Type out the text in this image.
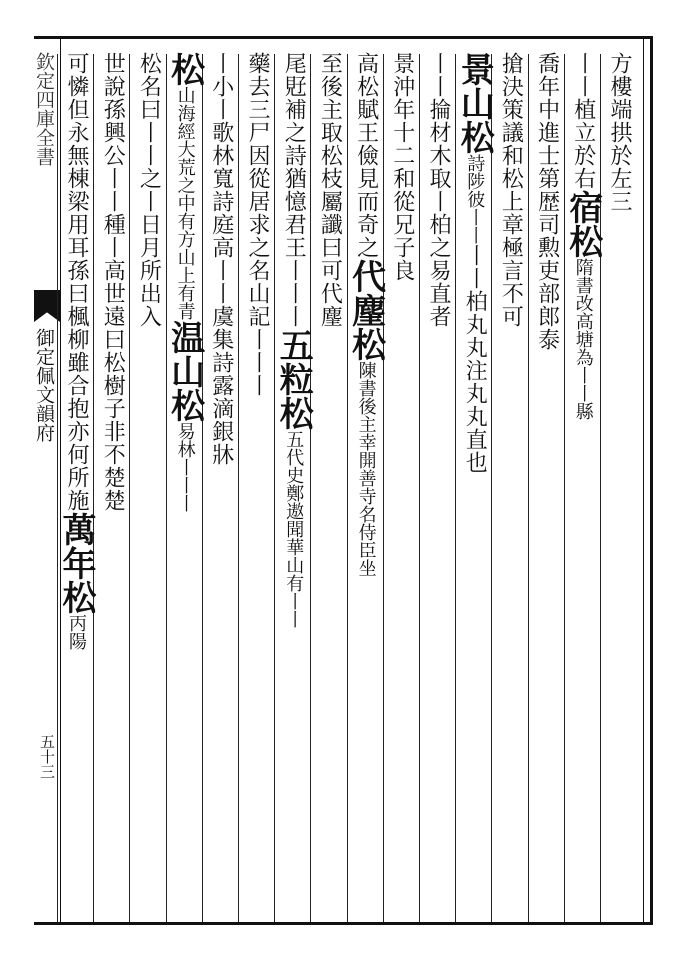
欽定四庫全書
御定佩文韻府
五十三
方樓端拱於左三
丨丨植立於右宿松隋書改高塘為丨丨縣
喬年中進士第歴司勲吏部郎泰
搶決策議和松上章極言不可
景山松詩陟彼丨丨丨丨柏丸丸注丸丸直也
丨丨掄材木取丨柏之易直者
景沖年十二和從兄子良
高松賦王儉見而奇之代麈松陳書後主幸開善寺名侍臣坐
至後主取松枝屬讖曰可代麈
尾覎補之詩猶憶君王丨丨丨五粒松五代史鄭遨聞華山有丨丨
藥去三尸因從居求之名山記丨丨丨
丨小丨歌林寬詩庭高丨丨虞集詩露滴銀牀
松山海經大荒之中有方山上有青温山松易林丨丨丨
松名曰丨丨之丨日月所出入
世說孫興公丨丨種丨高世遠曰松樹子非不楚楚
可憐但永無棟梁用耳孫曰楓柳雖合抱亦何所施萬年松丙陽
